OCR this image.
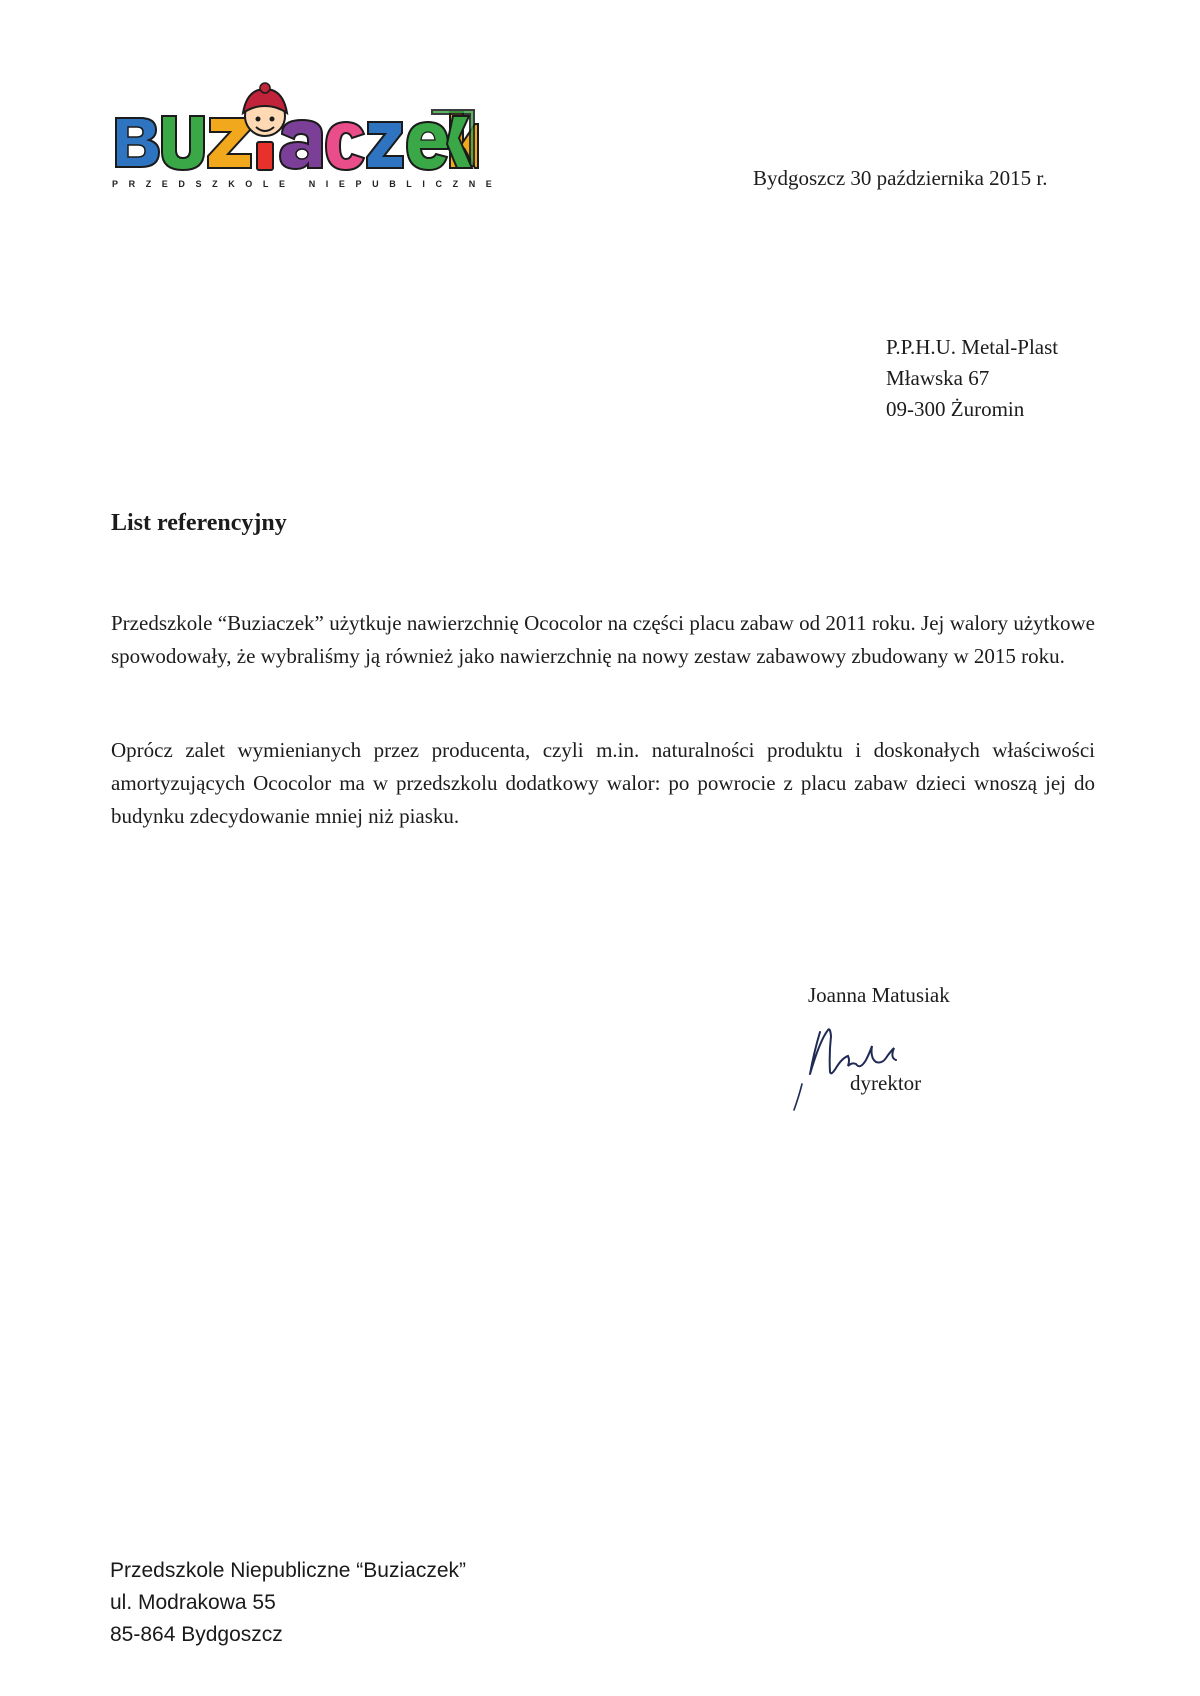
PRZEDSZKOLE NIEPUBLICZNE	Bydgoszcz 30 października 2015 r.
P.P.H.U. Metal-Plast
Mławska 67
09-300 Żuromin
List referencyjny
Przedszkole “Buziaczek” użytkuje nawierzchnię Ococolor na części placu zabaw od 2011 roku. Jej walory użytkowe spowodowały, że wybraliśmy ją również jako nawierzchnię na nowy zestaw zabawowy zbudowany w 2015 roku.
Oprócz zalet wymienianych przez producenta, czyli m.in. naturalności produktu i doskonałych właściwości amortyzujących Ococolor ma w przedszkolu dodatkowy walor: po powrocie z placu zabaw dzieci wnoszą jej do budynku zdecydowanie mniej niż piasku.
Joanna Matusiak
dyrektor
Przedszkole Niepubliczne “Buziaczek”
ul. Modrakowa 55
85-864 Bydgoszcz
